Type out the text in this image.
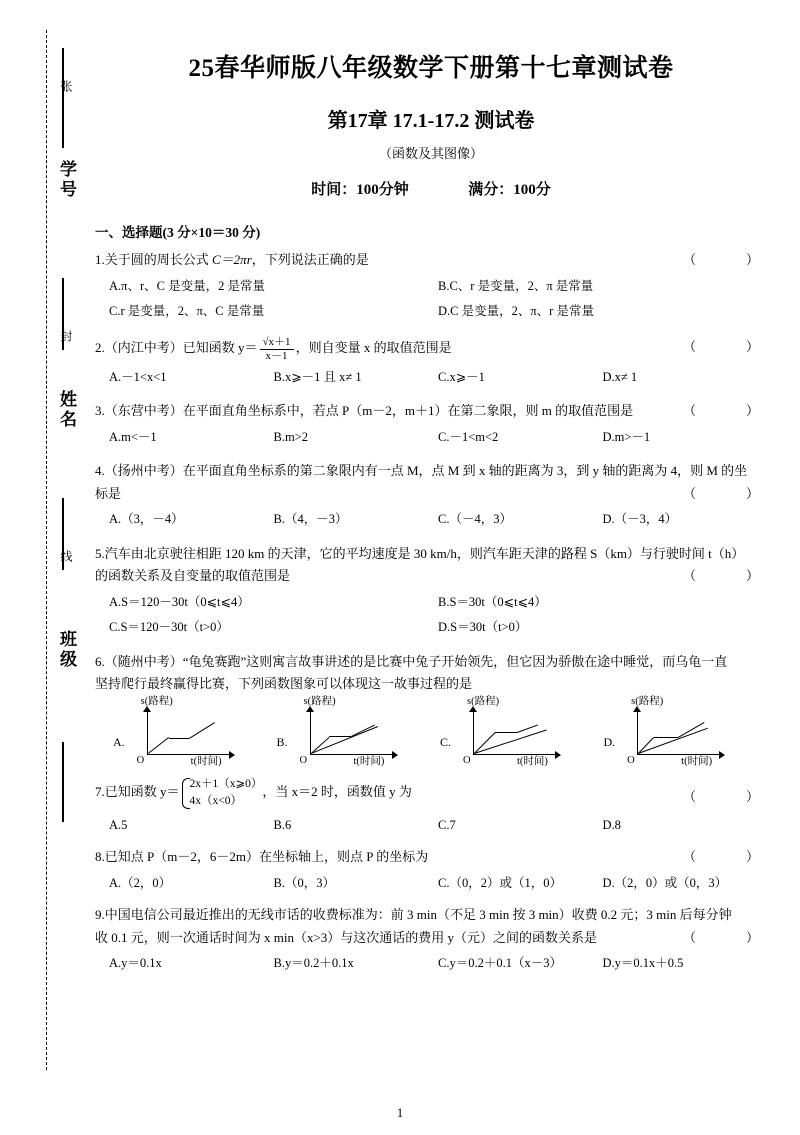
张
封
线
学号
姓名
班级
25春华师版八年级数学下册第十七章测试卷
第17章 17.1-17.2 测试卷
（函数及其图像）
时间：100分钟	满分：100分
一、选择题(3 分×10＝30 分)
（　　）
1.关于圆的周长公式 C＝2πr，下列说法正确的是
A.π、r、C 是变量，2 是常量	B.C、r 是变量，2、π 是常量
C.r 是变量，2、π、C 是常量	D.C 是变量，2、π、r 是常量
（　　）
2.（内江中考）已知函数 $y= \frac{√x+1}{x-1}$ ，则自变量 x 的取值范围是
A.－1<x<1	B.x⩾－1 且 x≠ 1	C.x⩾－1	D.x≠ 1
（　　）
3.（东营中考）在平面直角坐标系中，若点 P（m－2，m＋1）在第二象限，则 m 的取值范围是
A.m<－1	B.m>2	C.－1<m<2	D.m>－1
4.（扬州中考）在平面直角坐标系的第二象限内有一点 M，点 M 到 x 轴的距离为 3，到 y 轴的距离为 4，则 M 的坐
（　　）
标是
A.（3，－4）	B.（4，－3）	C.（－4，3）	D.（－3，4）
5.汽车由北京驶往相距 120 km 的天津，它的平均速度是 30 km/h，则汽车距天津的路程 S（km）与行驶时间 t（h）
（　　）
的函数关系及自变量的取值范围是
A.S＝120－30t（0⩽t⩽4）	B.S＝30t（0⩽t⩽4）
C.S＝120－30t（t>0）	D.S＝30t（t>0）
6.（随州中考）“龟兔赛跑”这则寓言故事讲述的是比赛中兔子开始领先，但它因为骄傲在途中睡觉，而乌龟一直
坚持爬行最终赢得比赛，下列函数图象可以体现这一故事过程的是
A.
s(路程)
t(时间)
O
B.
s(路程)
t(时间)
O
C.
s(路程)
t(时间)
O
D.
s(路程)
t(时间)
O
（　　）
7.已知函数 y＝
2x＋1（x⩾0）
4x（x<0）
，当 x＝2 时，函数值 y 为
A.5	B.6	C.7	D.8
（　　）
8.已知点 P（m－2，6－2m）在坐标轴上，则点 P 的坐标为
A.（2，0）	B.（0，3）	C.（0，2）或（1，0）	D.（2，0）或（0，3）
9.中国电信公司最近推出的无线市话的收费标准为：前 3 min（不足 3 min 按 3 min）收费 0.2 元；3 min 后每分钟
（　　）
收 0.1 元，则一次通话时间为 x min（x>3）与这次通话的费用 y（元）之间的函数关系是
A.y＝0.1x	B.y＝0.2＋0.1x	C.y＝0.2＋0.1（x－3）	D.y＝0.1x＋0.5
1
